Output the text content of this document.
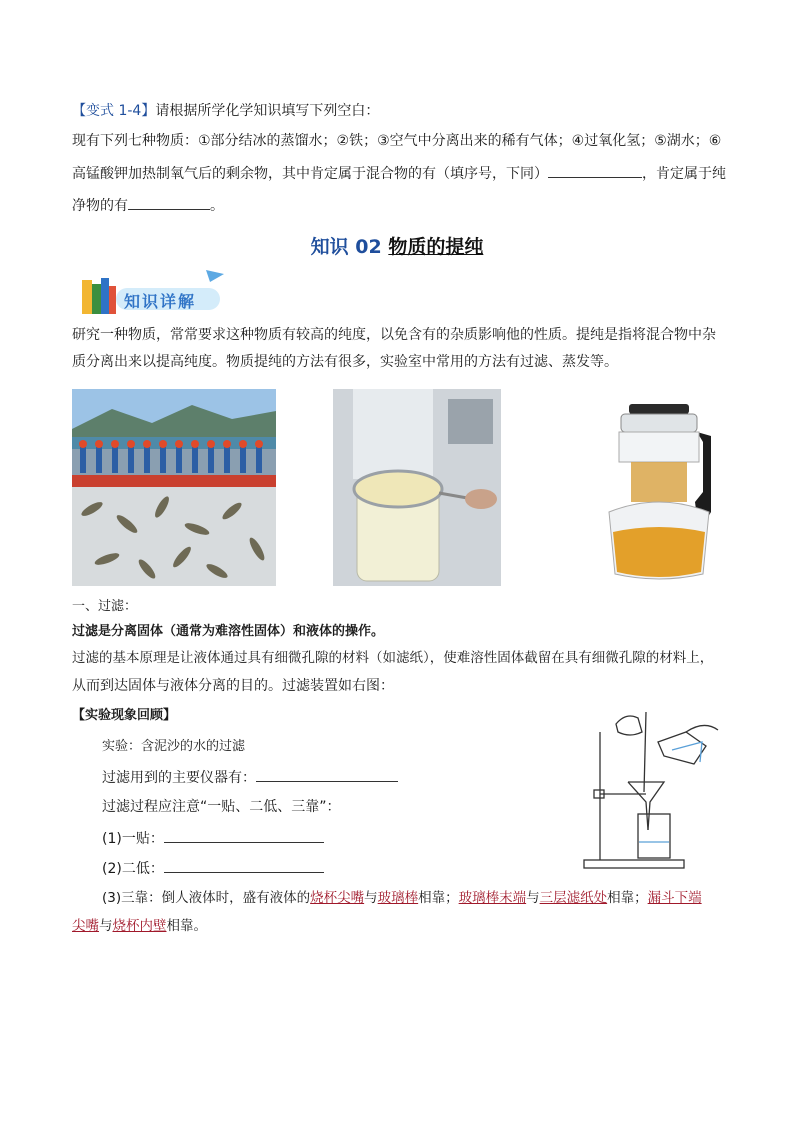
【变式 1-4】请根据所学化学知识填写下列空白：
现有下列七种物质：①部分结冰的蒸馏水；②铁；③空气中分离出来的稀有气体；④过氧化氢；⑤湖水；⑥
高锰酸钾加热制氧气后的剩余物，其中肯定属于混合物的有（填序号，下同）	，肯定属于纯
净物的有	。
知识 02 物质的提纯
知识详解
研究一种物质，常常要求这种物质有较高的纯度，以免含有的杂质影响他的性质。提纯是指将混合物中杂
质分离出来以提高纯度。物质提纯的方法有很多，实验室中常用的方法有过滤、蒸发等。
一、过滤：
过滤是分离固体（通常为难溶性固体）和液体的操作。
过滤的基本原理是让液体通过具有细微孔隙的材料（如滤纸），使难溶性固体截留在具有细微孔隙的材料上，
从而到达固体与液体分离的目的。过滤装置如右图：
【实验现象回顾】
实验：含泥沙的水的过滤
过滤用到的主要仪器有：
过滤过程应注意“一贴、二低、三靠”：
(1)一贴：
(2)二低：
(3)三靠：倒人液体时，盛有液体的烧杯尖嘴与玻璃棒相靠；玻璃棒末端与三层滤纸处相靠；漏斗下端
尖嘴与烧杯内壁相靠。
